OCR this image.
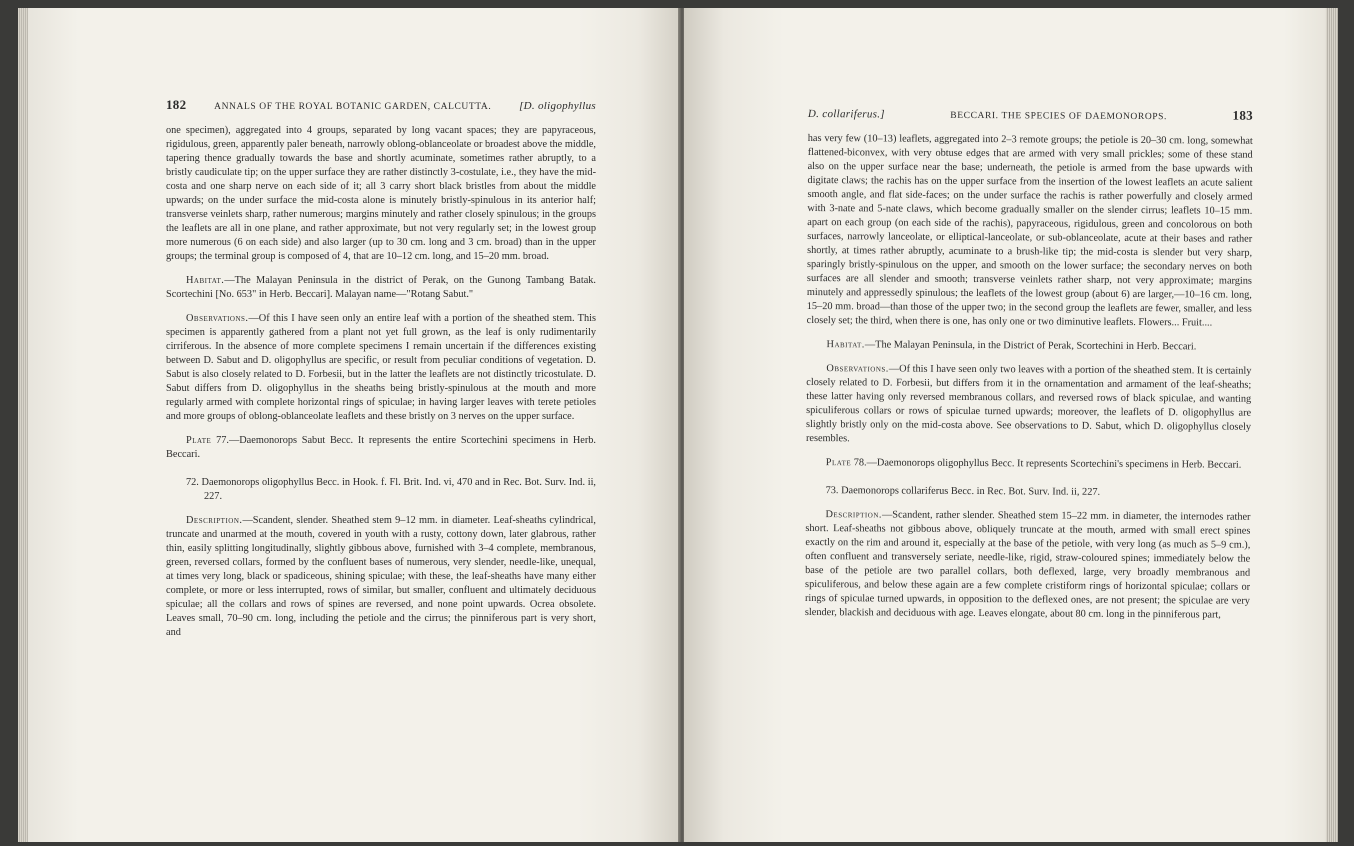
182	ANNALS OF THE ROYAL BOTANIC GARDEN, CALCUTTA.	[D. oligophyllus

one specimen), aggregated into 4 groups, separated by long vacant spaces; they are papyraceous, rigidulous, green, apparently paler beneath, narrowly oblong-oblanceolate or broadest above the middle, tapering thence gradually towards the base and shortly acuminate, sometimes rather abruptly, to a bristly caudiculate tip; on the upper surface they are rather distinctly 3-costulate, i.e., they have the mid-costa and one sharp nerve on each side of it; all 3 carry short black bristles from about the middle upwards; on the under surface the mid-costa alone is minutely bristly-spinulous in its anterior half; transverse veinlets sharp, rather numerous; margins minutely and rather closely spinulous; in the groups the leaflets are all in one plane, and rather approximate, but not very regularly set; in the lowest group more numerous (6 on each side) and also larger (up to 30 cm. long and 3 cm. broad) than in the upper groups; the terminal group is composed of 4, that are 10–12 cm. long, and 15–20 mm. broad.

Habitat.—The Malayan Peninsula in the district of Perak, on the Gunong Tambang Batak. Scortechini [No. 653" in Herb. Beccari]. Malayan name—"Rotang Sabut."

Observations.—Of this I have seen only an entire leaf with a portion of the sheathed stem. This specimen is apparently gathered from a plant not yet full grown, as the leaf is only rudimentarily cirriferous. In the absence of more complete specimens I remain uncertain if the differences existing between D. Sabut and D. oligophyllus are specific, or result from peculiar conditions of vegetation. D. Sabut is also closely related to D. Forbesii, but in the latter the leaflets are not distinctly tricostulate. D. Sabut differs from D. oligophyllus in the sheaths being bristly-spinulous at the mouth and more regularly armed with complete horizontal rings of spiculae; in having larger leaves with terete petioles and more groups of oblong-oblanceolate leaflets and these bristly on 3 nerves on the upper surface.

Plate 77.—Daemonorops Sabut Becc. It represents the entire Scortechini specimens in Herb. Beccari.

72. Daemonorops oligophyllus Becc. in Hook. f. Fl. Brit. Ind. vi, 470 and in Rec. Bot. Surv. Ind. ii, 227.

Description.—Scandent, slender. Sheathed stem 9–12 mm. in diameter. Leaf-sheaths cylindrical, truncate and unarmed at the mouth, covered in youth with a rusty, cottony down, later glabrous, rather thin, easily splitting longitudinally, slightly gibbous above, furnished with 3–4 complete, membranous, green, reversed collars, formed by the confluent bases of numerous, very slender, needle-like, unequal, at times very long, black or spadiceous, shining spiculae; with these, the leaf-sheaths have many either complete, or more or less interrupted, rows of similar, but smaller, confluent and ultimately deciduous spiculae; all the collars and rows of spines are reversed, and none point upwards. Ocrea obsolete. Leaves small, 70–90 cm. long, including the petiole and the cirrus; the pinniferous part is very short, and

D. collariferus.]	BECCARI. THE SPECIES OF DAEMONOROPS.	183

has very few (10–13) leaflets, aggregated into 2–3 remote groups; the petiole is 20–30 cm. long, somewhat flattened-biconvex, with very obtuse edges that are armed with very small prickles; some of these stand also on the upper surface near the base; underneath, the petiole is armed from the base upwards with digitate claws; the rachis has on the upper surface from the insertion of the lowest leaflets an acute salient smooth angle, and flat side-faces; on the under surface the rachis is rather powerfully and closely armed with 3-nate and 5-nate claws, which become gradually smaller on the slender cirrus; leaflets 10–15 mm. apart on each group (on each side of the rachis), papyraceous, rigidulous, green and concolorous on both surfaces, narrowly lanceolate, or elliptical-lanceolate, or sub-oblanceolate, acute at their bases and rather shortly, at times rather abruptly, acuminate to a brush-like tip; the mid-costa is slender but very sharp, sparingly bristly-spinulous on the upper, and smooth on the lower surface; the secondary nerves on both surfaces are all slender and smooth; transverse veinlets rather sharp, not very approximate; margins minutely and appressedly spinulous; the leaflets of the lowest group (about 6) are larger,—10–16 cm. long, 15–20 mm. broad—than those of the upper two; in the second group the leaflets are fewer, smaller, and less closely set; the third, when there is one, has only one or two diminutive leaflets. Flowers... Fruit....

Habitat.—The Malayan Peninsula, in the District of Perak, Scortechini in Herb. Beccari.

Observations.—Of this I have seen only two leaves with a portion of the sheathed stem. It is certainly closely related to D. Forbesii, but differs from it in the ornamentation and armament of the leaf-sheaths; these latter having only reversed membranous collars, and reversed rows of black spiculae, and wanting spiculiferous collars or rows of spiculae turned upwards; moreover, the leaflets of D. oligophyllus are slightly bristly only on the mid-costa above. See observations to D. Sabut, which D. oligophyllus closely resembles.

Plate 78.—Daemonorops oligophyllus Becc. It represents Scortechini's specimens in Herb. Beccari.

73. Daemonorops collariferus Becc. in Rec. Bot. Surv. Ind. ii, 227.

Description.—Scandent, rather slender. Sheathed stem 15–22 mm. in diameter, the internodes rather short. Leaf-sheaths not gibbous above, obliquely truncate at the mouth, armed with small erect spines exactly on the rim and around it, especially at the base of the petiole, with very long (as much as 5–9 cm.), often confluent and transversely seriate, needle-like, rigid, straw-coloured spines; immediately below the base of the petiole are two parallel collars, both deflexed, large, very broadly membranous and spiculiferous, and below these again are a few complete cristiform rings of horizontal spiculae; collars or rings of spiculae turned upwards, in opposition to the deflexed ones, are not present; the spiculae are very slender, blackish and deciduous with age. Leaves elongate, about 80 cm. long in the pinniferous part,
